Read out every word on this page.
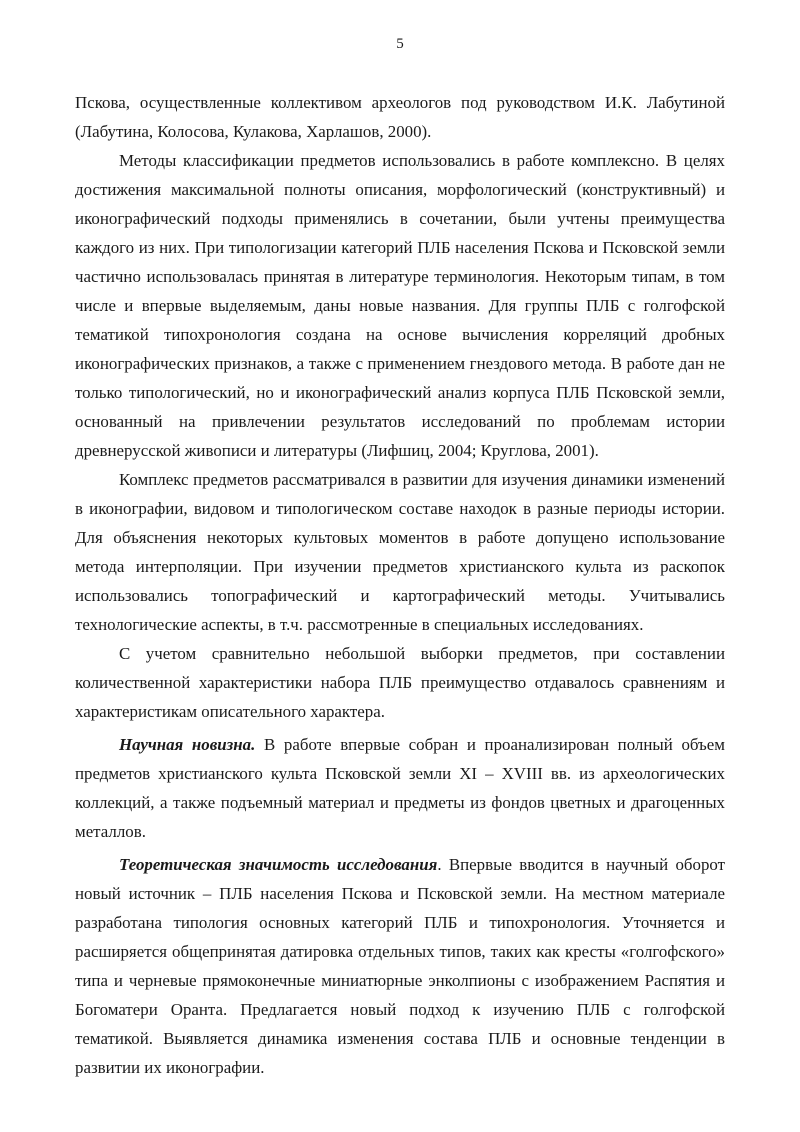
5

Пскова, осуществленные коллективом археологов под руководством И.К. Лабутиной (Лабутина, Колосова, Кулакова, Харлашов, 2000).

Методы классификации предметов использовались в работе комплексно. В целях достижения максимальной полноты описания, морфологический (конструктивный) и иконографический подходы применялись в сочетании, были учтены преимущества каждого из них. При типологизации категорий ПЛБ населения Пскова и Псковской земли частично использовалась принятая в литературе терминология. Некоторым типам, в том числе и впервые выделяемым, даны новые названия. Для группы ПЛБ с голгофской тематикой типохронология создана на основе вычисления корреляций дробных иконографических признаков, а также с применением гнездового метода. В работе дан не только типологический, но и иконографический анализ корпуса ПЛБ Псковской земли, основанный на привлечении результатов исследований по проблемам истории древнерусской живописи и литературы (Лифшиц, 2004; Круглова, 2001).

Комплекс предметов рассматривался в развитии для изучения динамики изменений в иконографии, видовом и типологическом составе находок в разные периоды истории. Для объяснения некоторых культовых моментов в работе допущено использование метода интерполяции. При изучении предметов христианского культа из раскопок использовались топографический и картографический методы. Учитывались технологические аспекты, в т.ч. рассмотренные в специальных исследованиях.

С учетом сравнительно небольшой выборки предметов, при составлении количественной характеристики набора ПЛБ преимущество отдавалось сравнениям и характеристикам описательного характера.

Научная новизна. В работе впервые собран и проанализирован полный объем предметов христианского культа Псковской земли XI – XVIII вв. из археологических коллекций, а также подъемный материал и предметы из фондов цветных и драгоценных металлов.

Теоретическая значимость исследования. Впервые вводится в научный оборот новый источник – ПЛБ населения Пскова и Псковской земли. На местном материале разработана типология основных категорий ПЛБ и типохронология. Уточняется и расширяется общепринятая датировка отдельных типов, таких как кресты «голгофского» типа и черневые прямоконечные миниатюрные энколпионы с изображением Распятия и Богоматери Оранта. Предлагается новый подход к изучению ПЛБ с голгофской тематикой. Выявляется динамика изменения состава ПЛБ и основные тенденции в развитии их иконографии.
